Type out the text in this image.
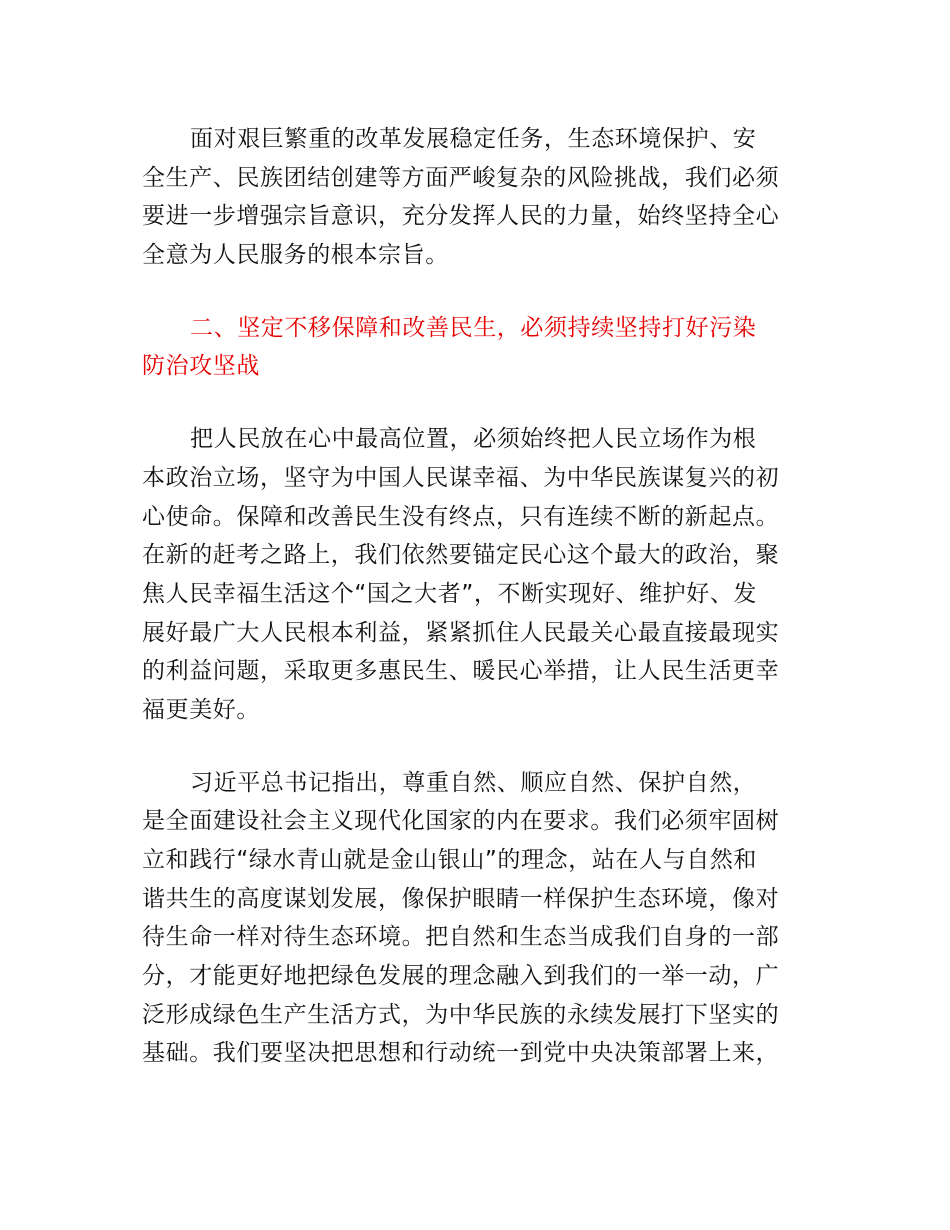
面对艰巨繁重的改革发展稳定任务，生态环境保护、安
全生产、民族团结创建等方面严峻复杂的风险挑战，我们必须
要进一步增强宗旨意识，充分发挥人民的力量，始终坚持全心
全意为人民服务的根本宗旨。
二、坚定不移保障和改善民生，必须持续坚持打好污染
防治攻坚战
把人民放在心中最高位置，必须始终把人民立场作为根
本政治立场，坚守为中国人民谋幸福、为中华民族谋复兴的初
心使命。保障和改善民生没有终点，只有连续不断的新起点。
在新的赶考之路上，我们依然要锚定民心这个最大的政治，聚
焦人民幸福生活这个“国之大者”，不断实现好、维护好、发
展好最广大人民根本利益，紧紧抓住人民最关心最直接最现实
的利益问题，采取更多惠民生、暖民心举措，让人民生活更幸
福更美好。
习近平总书记指出，尊重自然、顺应自然、保护自然，
是全面建设社会主义现代化国家的内在要求。我们必须牢固树
立和践行“绿水青山就是金山银山”的理念，站在人与自然和
谐共生的高度谋划发展，像保护眼睛一样保护生态环境，像对
待生命一样对待生态环境。把自然和生态当成我们自身的一部
分，才能更好地把绿色发展的理念融入到我们的一举一动，广
泛形成绿色生产生活方式，为中华民族的永续发展打下坚实的
基础。我们要坚决把思想和行动统一到党中央决策部署上来，
